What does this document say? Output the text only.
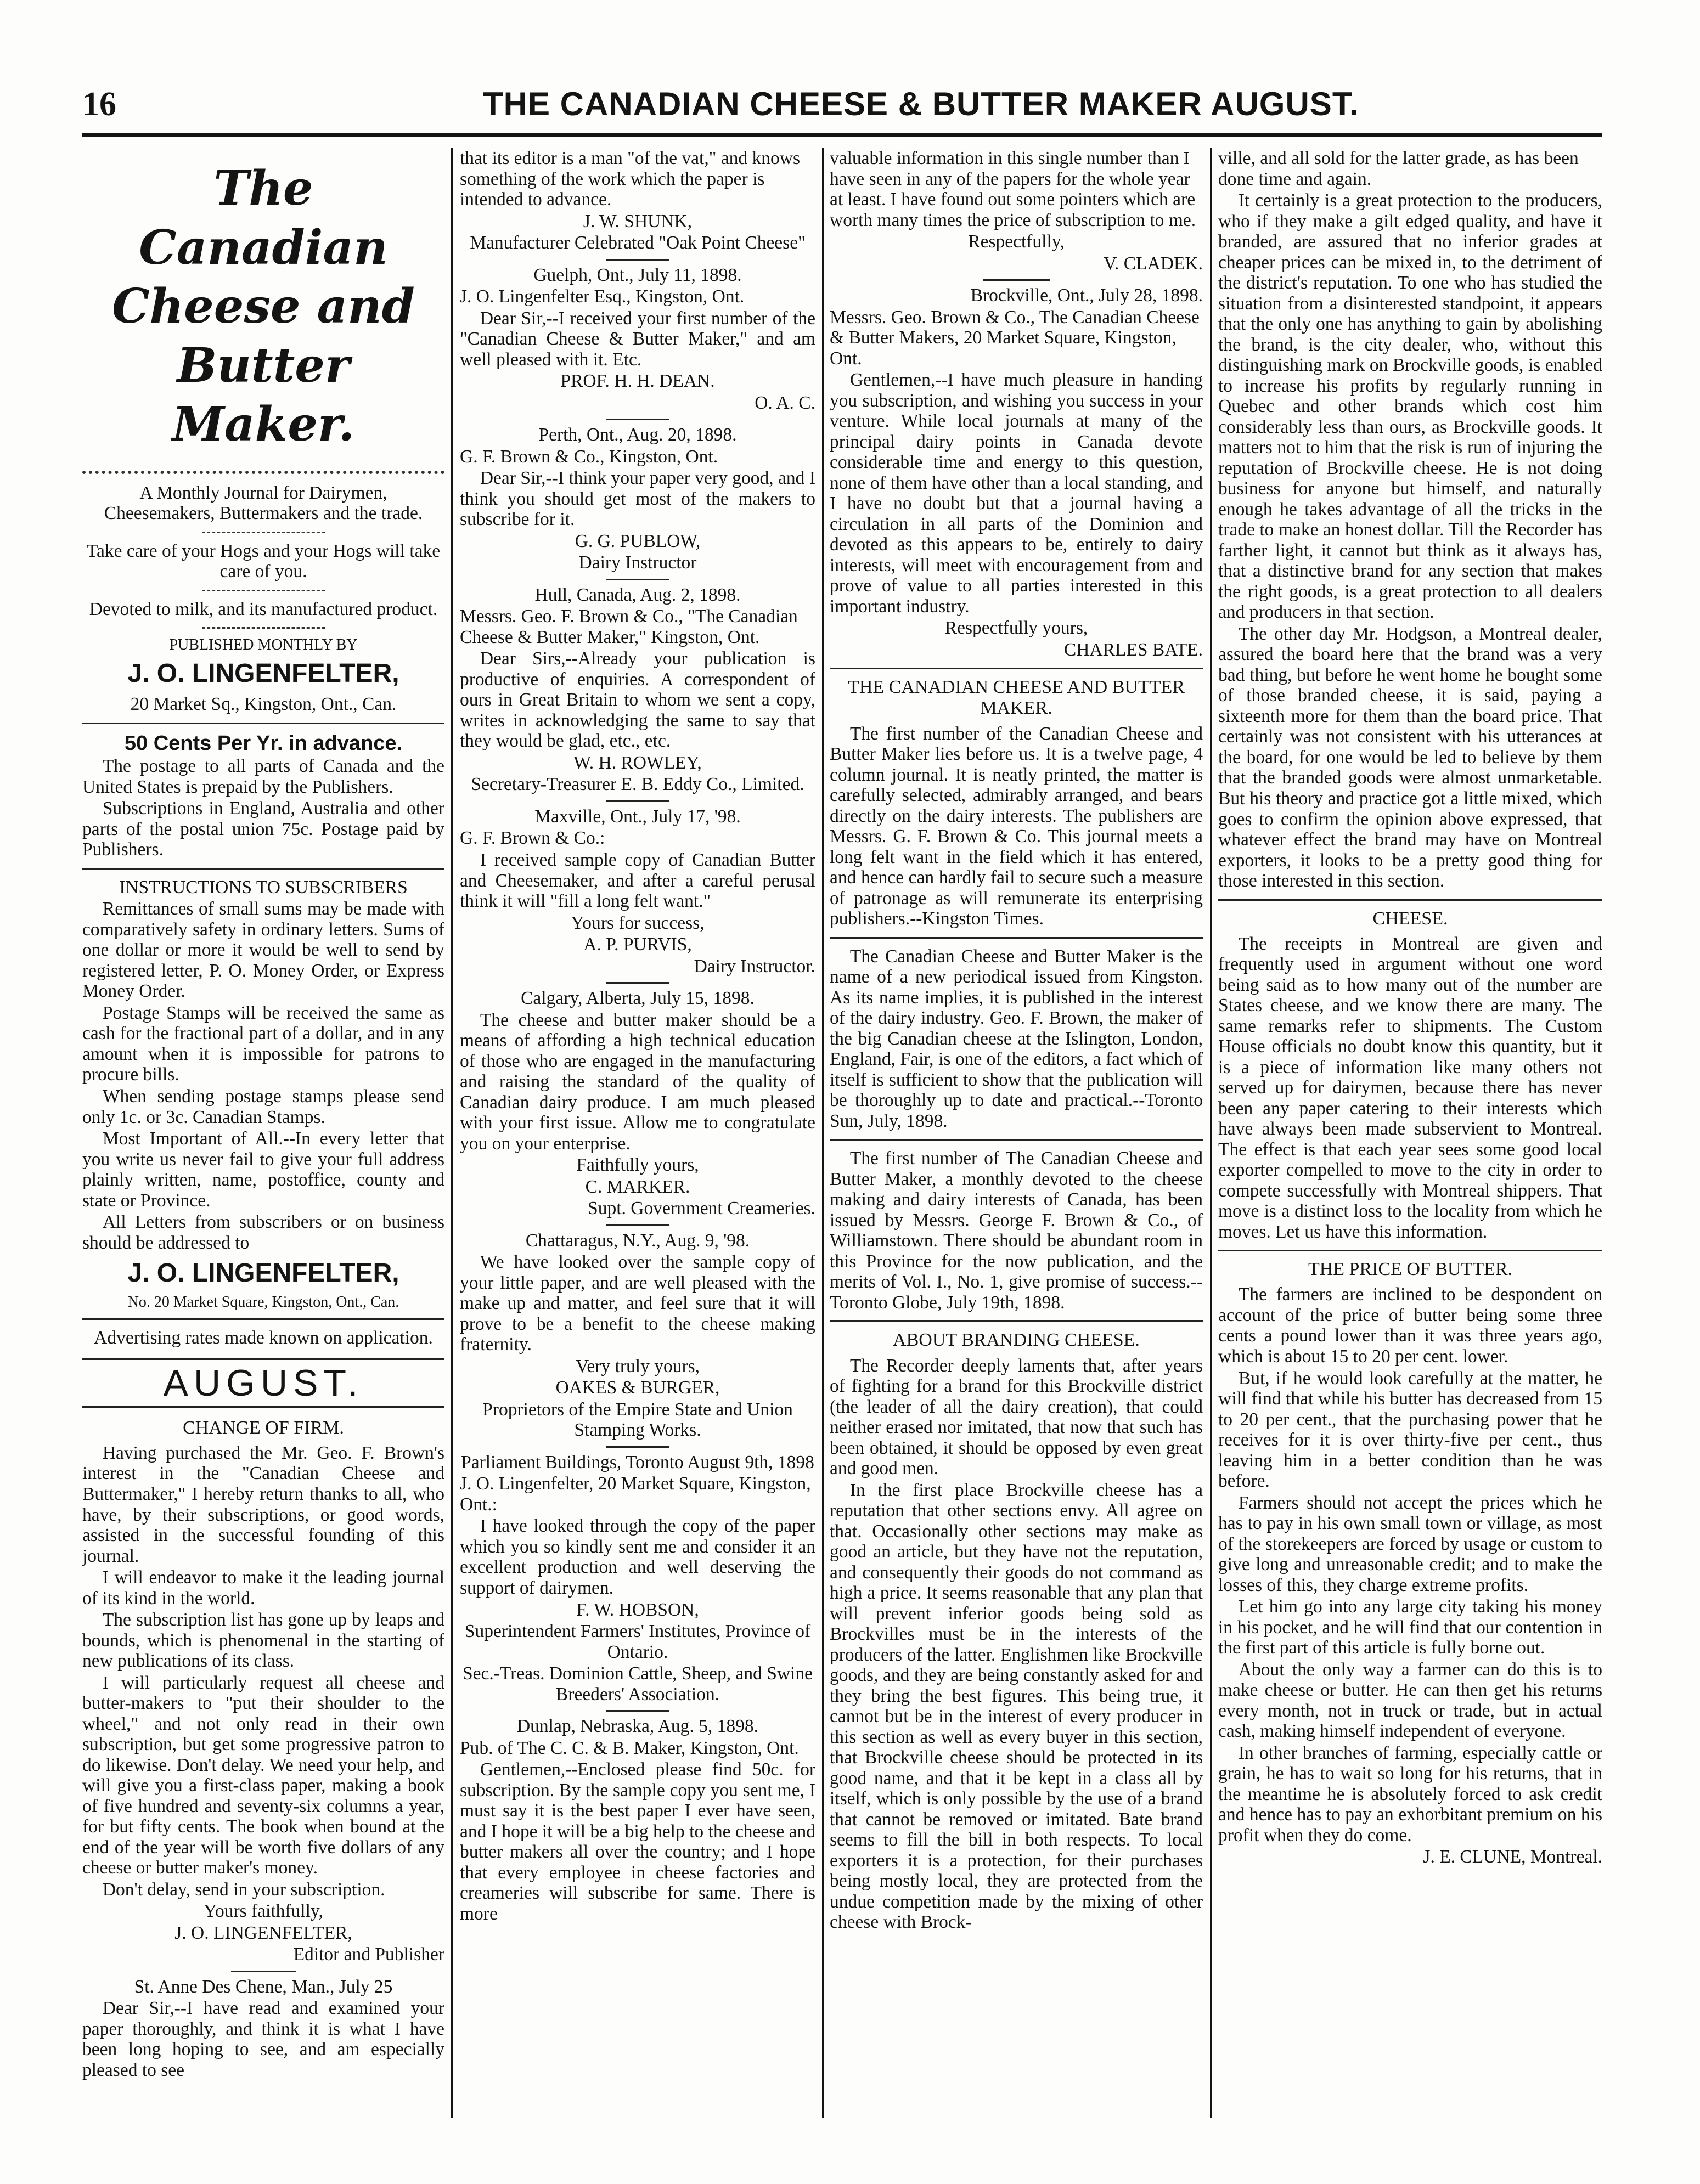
16	THE CANADIAN CHEESE & BUTTER MAKER AUGUST.
The Canadian Cheese and Butter Maker.

A Monthly Journal for Dairymen, Cheesemakers, Buttermakers and the trade.

Take care of your Hogs and your Hogs will take care of you.

Devoted to milk, and its manufactured product.

PUBLISHED MONTHLY BY

J. O. LINGENFELTER,

20 Market Sq., Kingston, Ont., Can.

50 Cents Per Yr. in advance.

The postage to all parts of Canada and the United States is prepaid by the Publishers.

Subscriptions in England, Australia and other parts of the postal union 75c. Postage paid by Publishers.

INSTRUCTIONS TO SUBSCRIBERS

Remittances of small sums may be made with comparatively safety in ordinary letters. Sums of one dollar or more it would be well to send by registered letter, P. O. Money Order, or Express Money Order.

Postage Stamps will be received the same as cash for the fractional part of a dollar, and in any amount when it is impossible for patrons to procure bills.

When sending postage stamps please send only 1c. or 3c. Canadian Stamps.

Most Important of All.--In every letter that you write us never fail to give your full address plainly written, name, postoffice, county and state or Province.

All Letters from subscribers or on business should be addressed to

J. O. LINGENFELTER,

No. 20 Market Square, Kingston, Ont., Can.

Advertising rates made known on application.

AUGUST.

CHANGE OF FIRM.

Having purchased the Mr. Geo. F. Brown's interest in the "Canadian Cheese and Buttermaker," I hereby return thanks to all, who have, by their subscriptions, or good words, assisted in the successful founding of this journal.

I will endeavor to make it the leading journal of its kind in the world.

The subscription list has gone up by leaps and bounds, which is phenomenal in the starting of new publications of its class.

I will particularly request all cheese and butter-makers to "put their shoulder to the wheel," and not only read in their own subscription, but get some progressive patron to do likewise. Don't delay. We need your help, and will give you a first-class paper, making a book of five hundred and seventy-six columns a year, for but fifty cents. The book when bound at the end of the year will be worth five dollars of any cheese or butter maker's money.

Don't delay, send in your subscription.

Yours faithfully,

J. O. LINGENFELTER,

Editor and Publisher

St. Anne Des Chene, Man., July 25

Dear Sir,--I have read and examined your paper thoroughly, and think it is what I have been long hoping to see, and am especially pleased to see

that its editor is a man "of the vat," and knows something of the work which the paper is intended to advance.

J. W. SHUNK,

Manufacturer Celebrated "Oak Point Cheese"

Guelph, Ont., July 11, 1898.

J. O. Lingenfelter Esq., Kingston, Ont.

Dear Sir,--I received your first number of the "Canadian Cheese & Butter Maker," and am well pleased with it. Etc.

PROF. H. H. DEAN.

O. A. C.

Perth, Ont., Aug. 20, 1898.

G. F. Brown & Co., Kingston, Ont.

Dear Sir,--I think your paper very good, and I think you should get most of the makers to subscribe for it.

G. G. PUBLOW,

Dairy Instructor

Hull, Canada, Aug. 2, 1898.

Messrs. Geo. F. Brown & Co., "The Canadian Cheese & Butter Maker," Kingston, Ont.

Dear Sirs,--Already your publication is productive of enquiries. A correspondent of ours in Great Britain to whom we sent a copy, writes in acknowledging the same to say that they would be glad, etc., etc.

W. H. ROWLEY,

Secretary-Treasurer E. B. Eddy Co., Limited.

Maxville, Ont., July 17, '98.

G. F. Brown & Co.:

I received sample copy of Canadian Butter and Cheesemaker, and after a careful perusal think it will "fill a long felt want."

Yours for success,

A. P. PURVIS,

Dairy Instructor.

Calgary, Alberta, July 15, 1898.

The cheese and butter maker should be a means of affording a high technical education of those who are engaged in the manufacturing and raising the standard of the quality of Canadian dairy produce. I am much pleased with your first issue. Allow me to congratulate you on your enterprise.

Faithfully yours,

C. MARKER.

Supt. Government Creameries.

Chattaragus, N.Y., Aug. 9, '98.

We have looked over the sample copy of your little paper, and are well pleased with the make up and matter, and feel sure that it will prove to be a benefit to the cheese making fraternity.

Very truly yours,

OAKES & BURGER,

Proprietors of the Empire State and Union Stamping Works.

Parliament Buildings, Toronto August 9th, 1898

J. O. Lingenfelter, 20 Market Square, Kingston, Ont.:

I have looked through the copy of the paper which you so kindly sent me and consider it an excellent production and well deserving the support of dairymen.

F. W. HOBSON,

Superintendent Farmers' Institutes, Province of Ontario.

Sec.-Treas. Dominion Cattle, Sheep, and Swine Breeders' Association.

Dunlap, Nebraska, Aug. 5, 1898.

Pub. of The C. C. & B. Maker, Kingston, Ont.

Gentlemen,--Enclosed please find 50c. for subscription. By the sample copy you sent me, I must say it is the best paper I ever have seen, and I hope it will be a big help to the cheese and butter makers all over the country; and I hope that every employee in cheese factories and creameries will subscribe for same. There is more

valuable information in this single number than I have seen in any of the papers for the whole year at least. I have found out some pointers which are worth many times the price of subscription to me.

Respectfully,

V. CLADEK.

Brockville, Ont., July 28, 1898.

Messrs. Geo. Brown & Co., The Canadian Cheese & Butter Makers, 20 Market Square, Kingston, Ont.

Gentlemen,--I have much pleasure in handing you subscription, and wishing you success in your venture. While local journals at many of the principal dairy points in Canada devote considerable time and energy to this question, none of them have other than a local standing, and I have no doubt but that a journal having a circulation in all parts of the Dominion and devoted as this appears to be, entirely to dairy interests, will meet with encouragement from and prove of value to all parties interested in this important industry.

Respectfully yours,

CHARLES BATE.

THE CANADIAN CHEESE AND BUTTER MAKER.

The first number of the Canadian Cheese and Butter Maker lies before us. It is a twelve page, 4 column journal. It is neatly printed, the matter is carefully selected, admirably arranged, and bears directly on the dairy interests. The publishers are Messrs. G. F. Brown & Co. This journal meets a long felt want in the field which it has entered, and hence can hardly fail to secure such a measure of patronage as will remunerate its enterprising publishers.--Kingston Times.

The Canadian Cheese and Butter Maker is the name of a new periodical issued from Kingston. As its name implies, it is published in the interest of the dairy industry. Geo. F. Brown, the maker of the big Canadian cheese at the Islington, London, England, Fair, is one of the editors, a fact which of itself is sufficient to show that the publication will be thoroughly up to date and practical.--Toronto Sun, July, 1898.

The first number of The Canadian Cheese and Butter Maker, a monthly devoted to the cheese making and dairy interests of Canada, has been issued by Messrs. George F. Brown & Co., of Williamstown. There should be abundant room in this Province for the now publication, and the merits of Vol. I., No. 1, give promise of success.--Toronto Globe, July 19th, 1898.

ABOUT BRANDING CHEESE.

The Recorder deeply laments that, after years of fighting for a brand for this Brockville district (the leader of all the dairy creation), that could neither erased nor imitated, that now that such has been obtained, it should be opposed by even great and good men.

In the first place Brockville cheese has a reputation that other sections envy. All agree on that. Occasionally other sections may make as good an article, but they have not the reputation, and consequently their goods do not command as high a price. It seems reasonable that any plan that will prevent inferior goods being sold as Brockvilles must be in the interests of the producers of the latter. Englishmen like Brockville goods, and they are being constantly asked for and they bring the best figures. This being true, it cannot but be in the interest of every producer in this section as well as every buyer in this section, that Brockville cheese should be protected in its good name, and that it be kept in a class all by itself, which is only possible by the use of a brand that cannot be removed or imitated. Bate brand seems to fill the bill in both respects. To local exporters it is a protection, for their purchases being mostly local, they are protected from the undue competition made by the mixing of other cheese with Brock-

ville, and all sold for the latter grade, as has been done time and again.

It certainly is a great protection to the producers, who if they make a gilt edged quality, and have it branded, are assured that no inferior grades at cheaper prices can be mixed in, to the detriment of the district's reputation. To one who has studied the situation from a disinterested standpoint, it appears that the only one has anything to gain by abolishing the brand, is the city dealer, who, without this distinguishing mark on Brockville goods, is enabled to increase his profits by regularly running in Quebec and other brands which cost him considerably less than ours, as Brockville goods. It matters not to him that the risk is run of injuring the reputation of Brockville cheese. He is not doing business for anyone but himself, and naturally enough he takes advantage of all the tricks in the trade to make an honest dollar. Till the Recorder has farther light, it cannot but think as it always has, that a distinctive brand for any section that makes the right goods, is a great protection to all dealers and producers in that section.

The other day Mr. Hodgson, a Montreal dealer, assured the board here that the brand was a very bad thing, but before he went home he bought some of those branded cheese, it is said, paying a sixteenth more for them than the board price. That certainly was not consistent with his utterances at the board, for one would be led to believe by them that the branded goods were almost unmarketable. But his theory and practice got a little mixed, which goes to confirm the opinion above expressed, that whatever effect the brand may have on Montreal exporters, it looks to be a pretty good thing for those interested in this section.

CHEESE.

The receipts in Montreal are given and frequently used in argument without one word being said as to how many out of the number are States cheese, and we know there are many. The same remarks refer to shipments. The Custom House officials no doubt know this quantity, but it is a piece of information like many others not served up for dairymen, because there has never been any paper catering to their interests which have always been made subservient to Montreal. The effect is that each year sees some good local exporter compelled to move to the city in order to compete successfully with Montreal shippers. That move is a distinct loss to the locality from which he moves. Let us have this information.

THE PRICE OF BUTTER.

The farmers are inclined to be despondent on account of the price of butter being some three cents a pound lower than it was three years ago, which is about 15 to 20 per cent. lower.

But, if he would look carefully at the matter, he will find that while his butter has decreased from 15 to 20 per cent., that the purchasing power that he receives for it is over thirty-five per cent., thus leaving him in a better condition than he was before.

Farmers should not accept the prices which he has to pay in his own small town or village, as most of the storekeepers are forced by usage or custom to give long and unreasonable credit; and to make the losses of this, they charge extreme profits.

Let him go into any large city taking his money in his pocket, and he will find that our contention in the first part of this article is fully borne out.

About the only way a farmer can do this is to make cheese or butter. He can then get his returns every month, not in truck or trade, but in actual cash, making himself independent of everyone.

In other branches of farming, especially cattle or grain, he has to wait so long for his returns, that in the meantime he is absolutely forced to ask credit and hence has to pay an exhorbitant premium on his profit when they do come.

J. E. CLUNE, Montreal.
